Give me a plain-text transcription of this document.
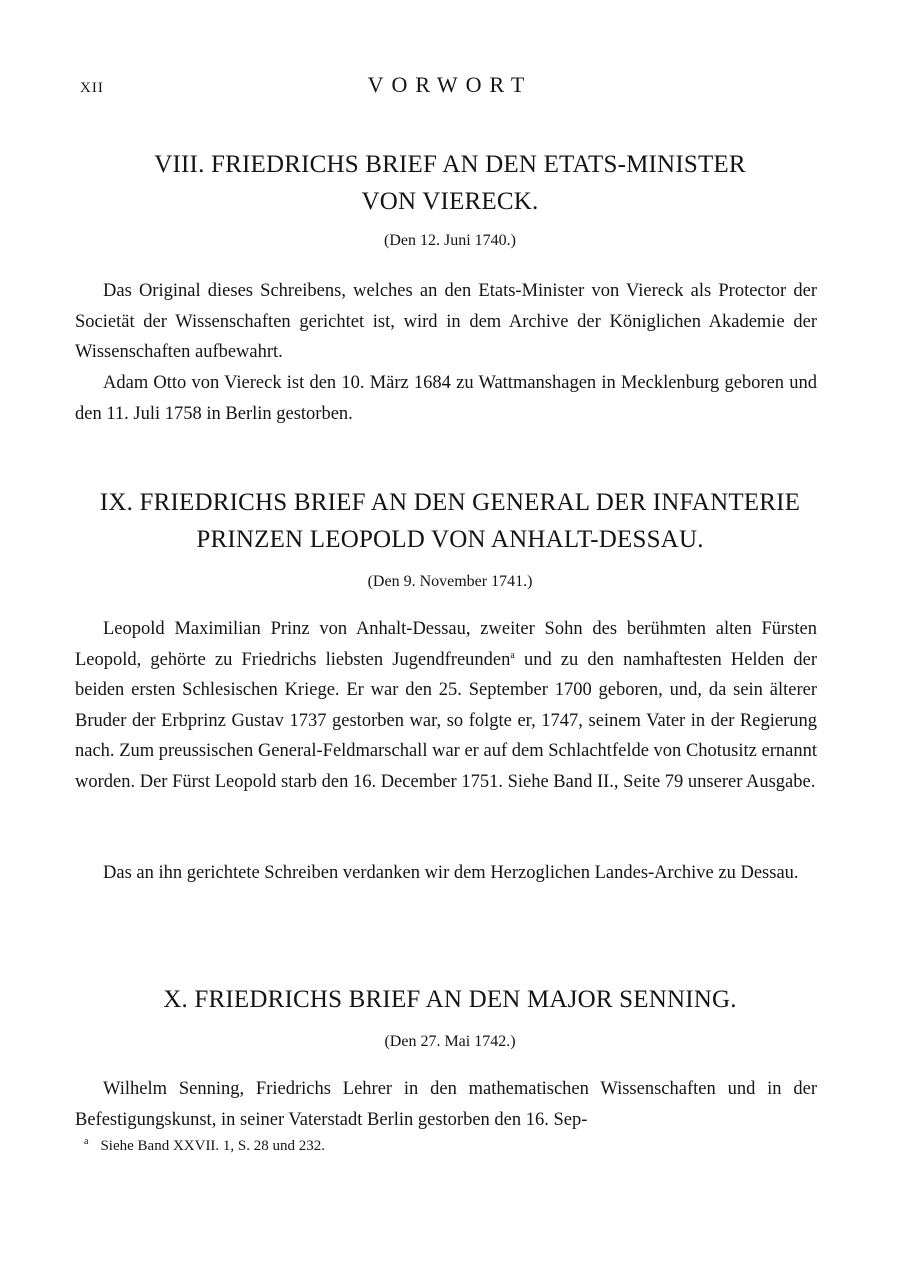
XII	VORWORT
VIII. FRIEDRICHS BRIEF AN DEN ETATS-MINISTER
VON VIERECK.
(Den 12. Juni 1740.)

Das Original dieses Schreibens, welches an den Etats-Minister von Viereck als Protector der Societät der Wissenschaften gerichtet ist, wird in dem Archive der Königlichen Akademie der Wissenschaften aufbewahrt.

Adam Otto von Viereck ist den 10. März 1684 zu Wattmanshagen in Mecklenburg geboren und den 11. Juli 1758 in Berlin gestorben.

IX. FRIEDRICHS BRIEF AN DEN GENERAL DER INFANTERIE
PRINZEN LEOPOLD VON ANHALT-DESSAU.
(Den 9. November 1741.)

Leopold Maximilian Prinz von Anhalt-Dessau, zweiter Sohn des berühmten alten Fürsten Leopold, gehörte zu Friedrichs liebsten Jugendfreunden$^a$ und zu den namhaftesten Helden der beiden ersten Schlesischen Kriege. Er war den 25. September 1700 geboren, und, da sein älterer Bruder der Erbprinz Gustav 1737 gestorben war, so folgte er, 1747, seinem Vater in der Regierung nach. Zum preussischen General-Feldmarschall war er auf dem Schlachtfelde von Chotusitz ernannt worden. Der Fürst Leopold starb den 16. December 1751. Siehe Band II., Seite 79 unserer Ausgabe.

Das an ihn gerichtete Schreiben verdanken wir dem Herzoglichen Landes-Archive zu Dessau.

X. FRIEDRICHS BRIEF AN DEN MAJOR SENNING.
(Den 27. Mai 1742.)

Wilhelm Senning, Friedrichs Lehrer in den mathematischen Wissenschaften und in der Befestigungskunst, in seiner Vaterstadt Berlin gestorben den 16. Sep-

$^a$ Siehe Band XXVII. 1, S. 28 und 232.
